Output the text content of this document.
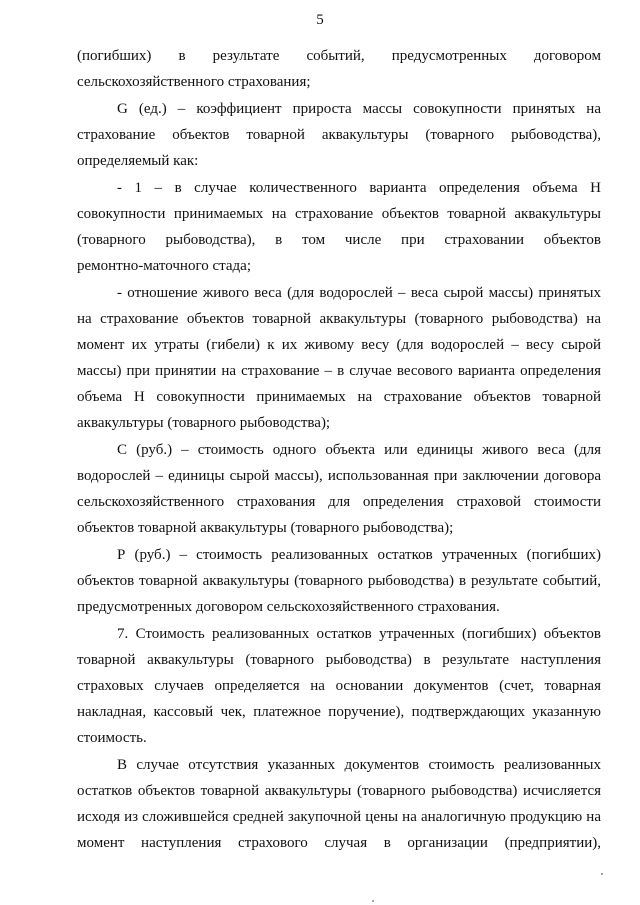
5
(погибших) в результате событий, предусмотренных договором
сельскохозяйственного страхования;
G (ед.) – коэффициент прироста массы совокупности принятых на
страхование объектов товарной аквакультуры (товарного рыбоводства),
определяемый как:
- 1 – в случае количественного варианта определения объема Н
совокупности принимаемых на страхование объектов товарной аквакультуры
(товарного рыбоводства), в том числе при страховании объектов
ремонтно-маточного стада;
- отношение живого веса (для водорослей – веса сырой массы) принятых
на страхование объектов товарной аквакультуры (товарного рыбоводства) на
момент их утраты (гибели) к их живому весу (для водорослей – весу сырой
массы) при принятии на страхование – в случае весового варианта определения
объема Н совокупности принимаемых на страхование объектов товарной
аквакультуры (товарного рыбоводства);
С (руб.) – стоимость одного объекта или единицы живого веса (для
водорослей – единицы сырой массы), использованная при заключении договора
сельскохозяйственного страхования для определения страховой стоимости
объектов товарной аквакультуры (товарного рыбоводства);
Р (руб.) – стоимость реализованных остатков утраченных (погибших)
объектов товарной аквакультуры (товарного рыбоводства) в результате событий,
предусмотренных договором сельскохозяйственного страхования.
7. Стоимость реализованных остатков утраченных (погибших) объектов
товарной аквакультуры (товарного рыбоводства) в результате наступления
страховых случаев определяется на основании документов (счет, товарная
накладная, кассовый чек, платежное поручение), подтверждающих указанную
стоимость.
В случае отсутствия указанных документов стоимость реализованных
остатков объектов товарной аквакультуры (товарного рыбоводства) исчисляется
исходя из сложившейся средней закупочной цены на аналогичную продукцию на
момент наступления страхового случая в организации (предприятии),
